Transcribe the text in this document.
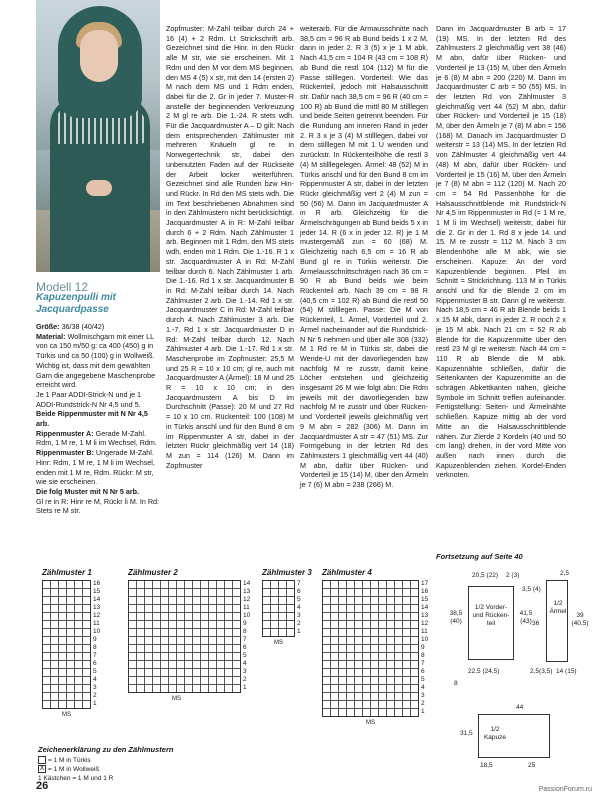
Modell 12
Kapuzenpulli mit Jacquardpasse

Größe: 36/38 (40/42)

Material: Wollmischgarn mit einer LL von ca 150 m/50 g: ca 400 (450) g in Türkis und ca 50 (100) g in Wollweiß. Wichtig ist, dass mit dem gewählten Garn die angegebene Maschenprobe erreicht wird.

Je 1 Paar ADDI-Strick-N und je 1 ADDI-Rundstrick-N Nr 4,5 und 5.

Beide Rippenmuster mit N Nr 4,5 arb.

Rippenmuster A: Gerade M-Zahl. Rdm, 1 M re, 1 M li im Wechsel, Rdm.

Rippenmuster B: Ungerade M-Zahl. Hinr: Rdm, 1 M re, 1 M li im Wechsel, enden mit 1 M re, Rdm. Rückr: M str, wie sie erscheinen.

Die folg Muster mit N Nr 5 arb.

Gl re in R: Hinr re M, Rückr li M. In Rd: Stets re M str.

Zopfmuster: M-Zahl teilbar durch 24 + 16 (4) + 2 Rdm. Lt Strickschrift arb. Gezeichnet sind die Hinr. in den Rückr alle M str, wie sie erscheinen. Mit 1 Rdm und den M vor dem MS beginnen, den MS 4 (5) x str, mit den 14 (ersten 2) M nach dem MS und 1 Rdm enden, dabei für die 2. Gr in jeder 7. Muster-R anstelle der beginnenden Verkreuzung 2 M gl re arb. Die 1.-24. R stets wdh. Für die Jacquardmuster A – D gilt: Nach dem entsprechenden Zählmuster mit mehreren Knäueln gl re in Norwegertechnik str, dabei den unbenutzten Faden auf der Rückseite der Arbeit locker weiterführen. Gezeichnet sind alle Runden bzw Hin- und Rückr. In Rd den MS stets wdh. Die im Text beschriebenen Abnahmen sind in den Zählmustern nicht berücksichtigt. Jacquardmuster A in R: M-Zahl teilbar durch 6 + 2 Rdm. Nach Zählmuster 1 arb. Beginnen mit 1 Rdm, den MS stets wdh, enden mit 1 Rdm. Die 1.-16. R 1 x str. Jacquardmuster A in Rd: M-Zahl teilbar durch 6. Nach Zählmuster 1 arb. Die 1.-16. Rd 1 x str. Jacquardmuster B in Rd: M-Zahl teilbar durch 14. Nach Zählmuster 2 arb. Die 1.-14. Rd 1 x str. Jacquardmuster C in Rd: M-Zahl teilbar durch 4. Nach Zählmuster 3 arb. Die 1.-7. Rd 1 x str. Jacquardmuster D in Rd: M-Zahl teilbar durch 12. Nach Zählmuster 4 arb. Die 1.-17. Rd 1 x str. Maschenprobe im Zopfmuster: 25,5 M und 25 R = 10 x 10 cm; gl re, auch mit Jacquardmuster A (Ärmel): 18 M und 25 R = 10 x 10 cm; in den Jacquardmustern A bis D im Durchschnitt (Passe): 20 M und 27 Rd = 10 x 10 cm. Rückenteil: 100 (108) M in Türkis anschl und für den Bund 8 cm im Rippenmuster A str, dabei in der letzten Rückr gleichmäßig vert 14 (18) M zun = 114 (126) M. Dann im Zopfmuster
weiterarb. Für die Armausschnitte nach 38,5 cm = 96 R ab Bund beids 1 x 2 M, dann in jeder 2. R 3 (5) x je 1 M abk. Nach 41,5 cm = 104 R (43 cm = 108 R) ab Bund die restl 104 (112) M für die Passe stilllegen. Vorderteil: Wie das Rückenteil, jedoch mit Halsausschnitt str. Dafür nach 38,5 cm = 96 R (40 cm = 100 R) ab Bund die mittl 80 M stilllegen und beide Seiten getrennt beenden. Für die Rundung am inneren Rand in jeder 2. R 3 x je 3 (4) M stilllegen, dabei vor dem stilllegen M mit 1 U wenden und zurückstr. In Rückenteilhöhe die restl 3 (4) M stilllegelegen. Ärmel: 48 (52) M in Türkis anschl und für den Bund 8 cm im Rippenmuster A str, dabei in der letzten Rückr gleichmäßig vert 2 (4) M zun = 50 (56) M. Dann im Jacquardmuster A in R arb. Gleichzeitig für die Ärmelschrägungen ab Bund beids 5 x in jeder 14. R (6 x in jeder 12. R) je 1 M mustergemäß zun = 60 (68) M. Gleichzeitig nach 6,5 cm = 16 R ab Bund gl re in Türkis weiterstr. Die Ärmelausschnittschrägen nach 36 cm = 90 R ab Bund beids wie beim Rückenteil arb. Nach 39 cm = 98 R (40,5 cm = 102 R) ab Bund die restl 50 (54) M stilllegen. Passe: Die M von Rückenteil, 1. Ärmel, Vorderteil und 2. Ärmel nacheinander auf die Rundstrick-N Nr 5 nehmen und über alle 308 (332) M 1 Rd re M in Türkis str, dabei die Wende-U mit der davorliegenden bzw nachfolg M re zusstr, damit keine Löcher entstehen und gleichzeitig insgesamt 26 M wie folgt abn: Die Rdm jeweils mit der davorliegenden bzw nachfolg M re zusstr und über Rücken- und Vorderteil jeweils gleichmäßig vert 9 M abn = 282 (306) M. Dann im Jacquardmuster A str = 47 (51) MS. Zur Formgebung in der letzten Rd des Zählmusters 1 gleichmäßig vert 44 (40) M abn, dafür über Rücken- und Vorderteil je 15 (14) M, über den Ärmeln je 7 (6) M abn = 238 (266) M.
Dann im Jacquardmuster B arb = 17 (19) MS. In der letzten Rd des Zählmusters 2 gleichmäßig vert 38 (46) M abn, dafür über Rücken- und Vorderteil je 13 (15) M, über den Ärmeln je 6 (8) M abn = 200 (220) M. Dann im Jacquardmuster C arb = 50 (55) MS. In der letzten Rd von Zählmuster 3 gleichmäßig vert 44 (52) M abn, dafür über Rücken- und Vorderteil je 15 (18) M, über den Ärmeln je 7 (8) M abn = 156 (168) M. Danach im Jacquardmuster D weiterstr = 13 (14) MS. In der letzten Rd von Zählmuster 4 gleichmäßig vert 44 (48) M abn, dafür über Rücken- und Vorderteil je 15 (16) M, über den Ärmeln je 7 (8) M abn = 112 (120) M. Nach 20 cm = 54 Rd Passenhöhe für die Halsausschnittblende mit Rundstrick-N Nr 4,5 im Rippenmuster in Rd (= 1 M re, 1 M li im Wechsel) weiterstr, dabei für die 2. Gr in der 1. Rd 8 x jede 14. und 15. M re zusstr = 112 M. Nach 3 cm Blendenhöhe alle M abk, wie sie erscheinen. Kapuze: An der vord Kapuzenblende beginnen. Pfeil im Schnitt = Strickrichtung. 113 M in Türkis anschl und für die Blende 2 cm im Rippenmuster B str. Dann gl re weiterstr. Nach 18,5 cm = 46 R ab Blende beids 1 x 15 M abk, dann in jeder 2. R noch 2 x je 15 M abk. Nach 21 cm = 52 R ab Blende für die Kapuzenmitte über den restl 23 M gl re weiterstr. Nach 44 cm = 110 R ab Blende die M abk. Kapuzennähte schließen, dafür die Seitenkanten der Kapuzenmitte an die schrägen Abkettkanten nähen, gleiche Symbole im Schnitt treffen aufeinander. Fertigstellung: Seiten- und Ärmelnähte schließen. Kapuze mittig ab der vord Mitte an die Halsausschnittblende nähen. Zur Zierde 2 Kordeln (40 und 50 cm lang) drehen, in der vord Mitte von außen nach innen durch die Kapuzenblenden ziehen. Kordel-Enden verknoten.
Fortsetzung auf Seite 40
Zählmuster 1
16
15
14
13
12
11
10
9
8
7
6
5
4
3
2
1
MS
Zählmuster 2
14
13
12
11
10
9
8
7
6
5
4
3
2
1
MS
Zählmuster 3
7
6
5
4
3
2
1
MS
Zählmuster 4
17
16
15
14
13
12
11
10
9
8
7
6
5
4
3
2
1
MS
Zeichenerklärung zu den Zählmustern
= 1 M in Türkis
X = 1 M in Wollweiß
1 Kästchen = 1 M und 1 R
1/2 Vorder- und Rücken- teil
20,5 (22) 2 (3)
38,5 (40)
41,5 (43)
22,5 (24,5)
8
1/2 Ärmel
3,5 (4)
2,5
36
39 (40,5)
14 (15)
2,5(3,5)
1/2 Kapuze
44
31,5
18,5	25
26	PassionForum.ru
